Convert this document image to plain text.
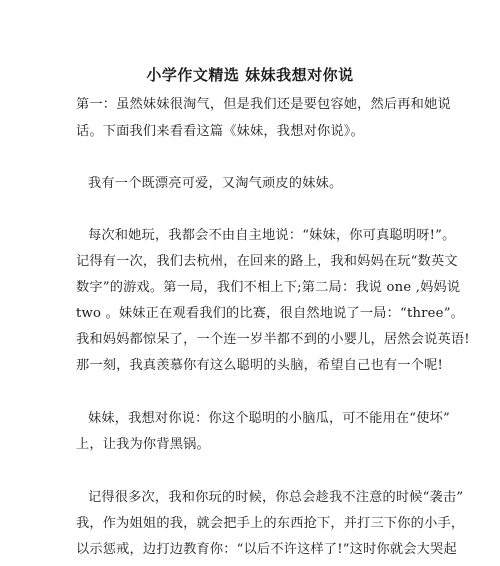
小学作文精选 妹妹我想对你说
第一：虽然妹妹很淘气，但是我们还是要包容她，然后再和她说
话。下面我们来看看这篇《妹妹，我想对你说》。
我有一个既漂亮可爱，又淘气顽皮的妹妹。
每次和她玩，我都会不由自主地说：“妹妹，你可真聪明呀!”。
记得有一次，我们去杭州，在回来的路上，我和妈妈在玩“数英文
数字”的游戏。第一局，我们不相上下;第二局：我说 one ,妈妈说
two 。妹妹正在观看我们的比赛，很自然地说了一局：“three”。
我和妈妈都惊呆了，一个连一岁半都不到的小婴儿，居然会说英语!
那一刻，我真羡慕你有这么聪明的头脑，希望自己也有一个呢!
妹妹，我想对你说：你这个聪明的小脑瓜，可不能用在“使坏”
上，让我为你背黑锅。
记得很多次，我和你玩的时候，你总会趁我不注意的时候“袭击”
我，作为姐姐的我，就会把手上的东西抢下，并打三下你的小手，
以示惩戒，边打边教育你：“以后不许这样了!”这时你就会大哭起
